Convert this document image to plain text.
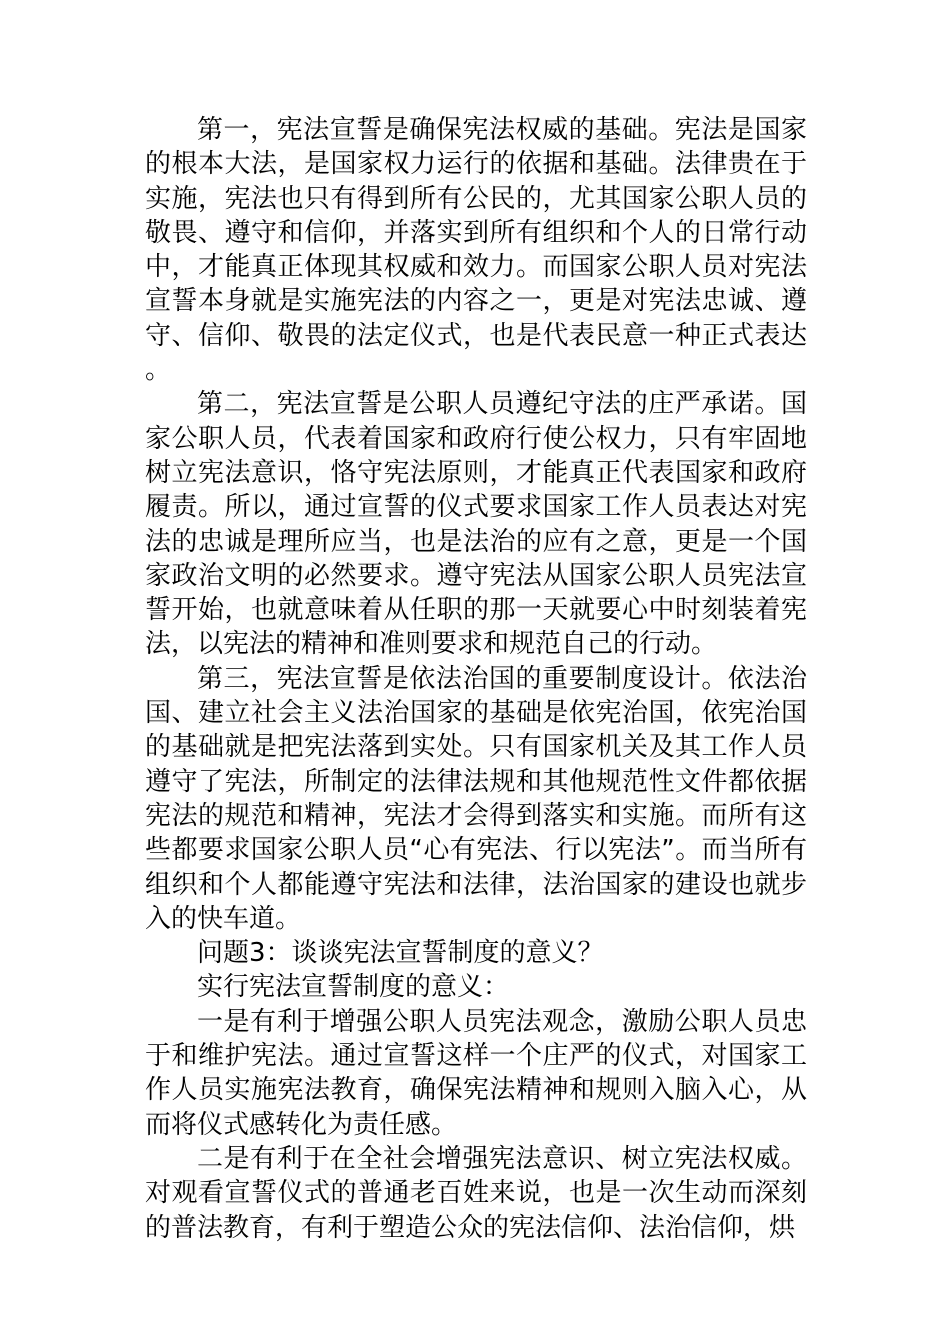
第一，宪法宣誓是确保宪法权威的基础。宪法是国家的根本大法，是国家权力运行的依据和基础。法律贵在于实施，宪法也只有得到所有公民的，尤其国家公职人员的敬畏、遵守和信仰，并落实到所有组织和个人的日常行动中，才能真正体现其权威和效力。而国家公职人员对宪法宣誓本身就是实施宪法的内容之一，更是对宪法忠诚、遵守、信仰、敬畏的法定仪式，也是代表民意一种正式表达。

第二，宪法宣誓是公职人员遵纪守法的庄严承诺。国家公职人员，代表着国家和政府行使公权力，只有牢固地树立宪法意识，恪守宪法原则，才能真正代表国家和政府履责。所以，通过宣誓的仪式要求国家工作人员表达对宪法的忠诚是理所应当，也是法治的应有之意，更是一个国家政治文明的必然要求。遵守宪法从国家公职人员宪法宣誓开始，也就意味着从任职的那一天就要心中时刻装着宪法，以宪法的精神和准则要求和规范自己的行动。

第三，宪法宣誓是依法治国的重要制度设计。依法治国、建立社会主义法治国家的基础是依宪治国，依宪治国的基础就是把宪法落到实处。只有国家机关及其工作人员遵守了宪法，所制定的法律法规和其他规范性文件都依据宪法的规范和精神，宪法才会得到落实和实施。而所有这些都要求国家公职人员“心有宪法、行以宪法”。而当所有组织和个人都能遵守宪法和法律，法治国家的建设也就步入的快车道。

问题3：谈谈宪法宣誓制度的意义？

实行宪法宣誓制度的意义：

一是有利于增强公职人员宪法观念，激励公职人员忠于和维护宪法。通过宣誓这样一个庄严的仪式，对国家工作人员实施宪法教育，确保宪法精神和规则入脑入心，从而将仪式感转化为责任感。

二是有利于在全社会增强宪法意识、树立宪法权威。对观看宣誓仪式的普通老百姓来说，也是一次生动而深刻的普法教育，有利于塑造公众的宪法信仰、法治信仰，烘
